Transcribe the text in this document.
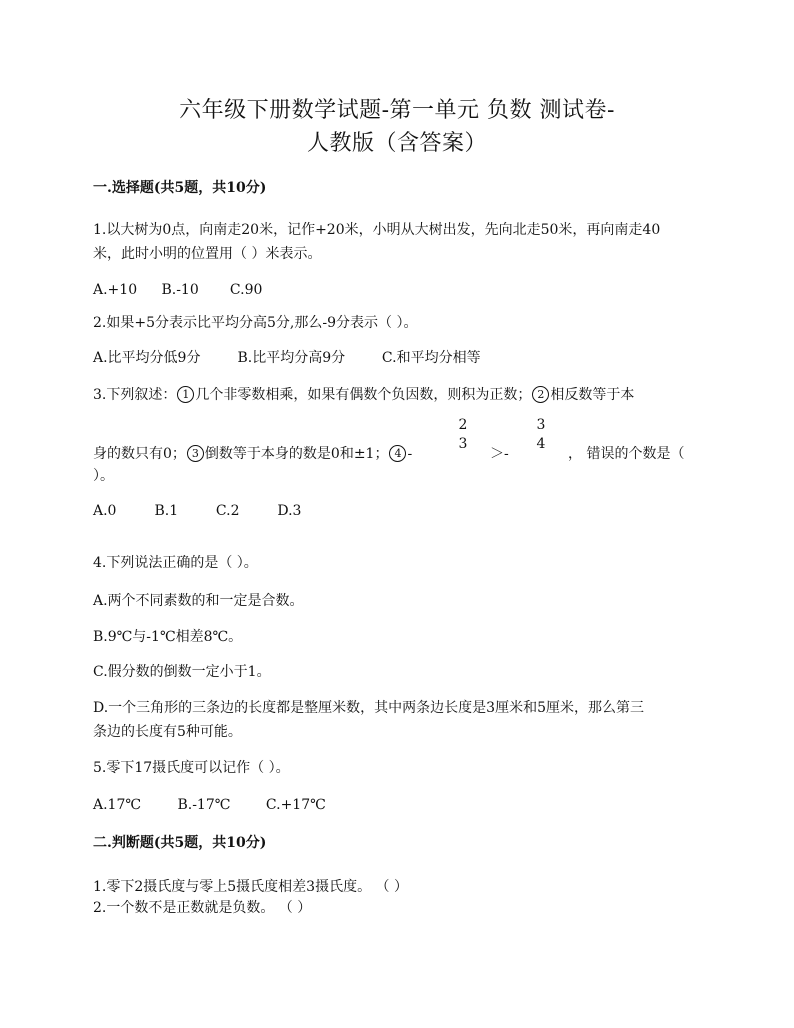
六年级下册数学试题-第一单元 负数 测试卷-
人教版（含答案）
一.选择题(共5题，共10分)
1.以大树为0点，向南走20米，记作+20米，小明从大树出发，先向北走50米，再向南走40
米，此时小明的位置用（ ）米表示。
A.+10 B.-10 C.90
2.如果+5分表示比平均分高5分,那么-9分表示（ ）。
A.比平均分低9分	B.比平均分高9分	C.和平均分相等
3.下列叙述： 1 几个非零数相乘，如果有偶数个负因数，则积为正数； 2 相反数等于本
2
3
3
4
身的数只有0； 3 倒数等于本身的数是0和±1； 4 -	＞-	， 错误的个数是（
）。
A.0	B.1	C.2	D.3
4.下列说法正确的是（ ）。
A.两个不同素数的和一定是合数。
B.9℃与-1℃相差8℃。
C.假分数的倒数一定小于1。
D.一个三角形的三条边的长度都是整厘米数，其中两条边长度是3厘米和5厘米，那么第三
条边的长度有5种可能。
5.零下17摄氏度可以记作（ ）。
A.17℃	B.-17℃	C.+17℃
二.判断题(共5题，共10分)
1.零下2摄氏度与零上5摄氏度相差3摄氏度。 （ ）
2.一个数不是正数就是负数。 （ ）
